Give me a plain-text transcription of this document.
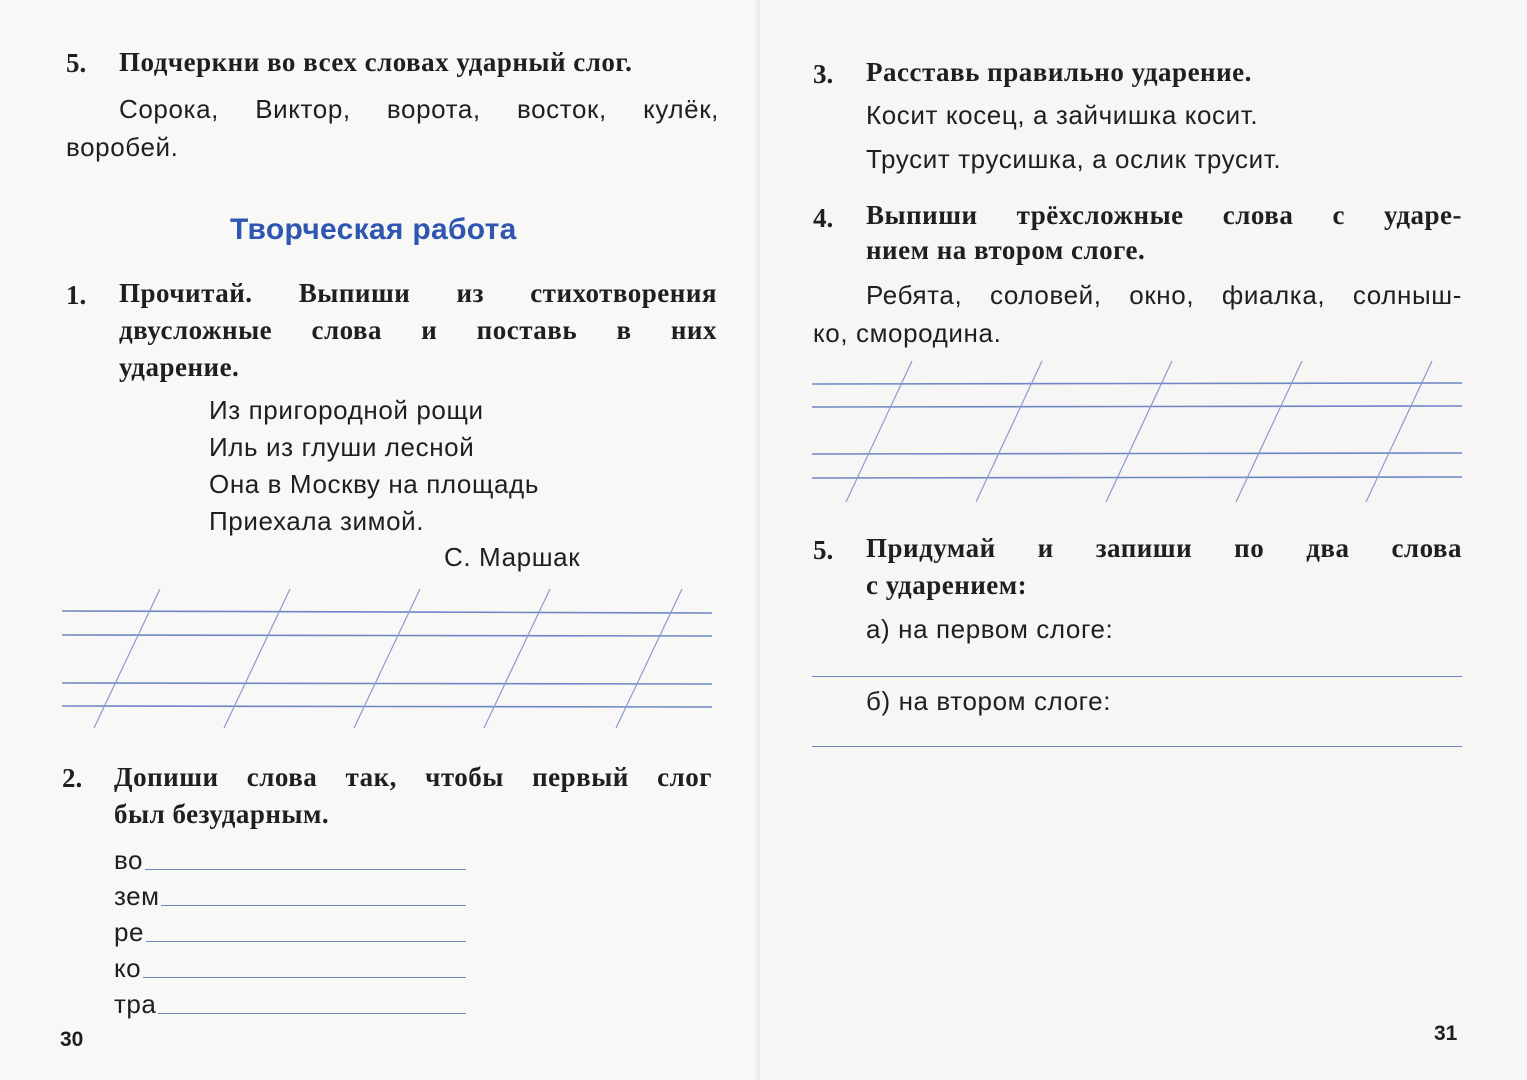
5. Подчеркни во всех словах ударный слог.
Сорока, Виктор, ворота, восток, кулёк,
воробей.
Творческая работа
1. Прочитай. Выпиши из стихотворения
двусложные слова и поставь в них
ударение.
Из пригородной рощи
Иль из глуши лесной
Она в Москву на площадь
Приехала зимой.
С. Маршак
2. Допиши слова так, чтобы первый слог
был безударным.
во
зем
ре
ко
тра
30
3. Расставь правильно ударение.
Косит косец, а зайчишка косит.
Трусит трусишка, а ослик трусит.
4. Выпиши трёхсложные слова с ударе-
нием на втором слоге.
Ребята, соловей, окно, фиалка, солныш-
ко, смородина.
5. Придумай и запиши по два слова
с ударением:
а) на первом слоге:
б) на втором слоге:
31
